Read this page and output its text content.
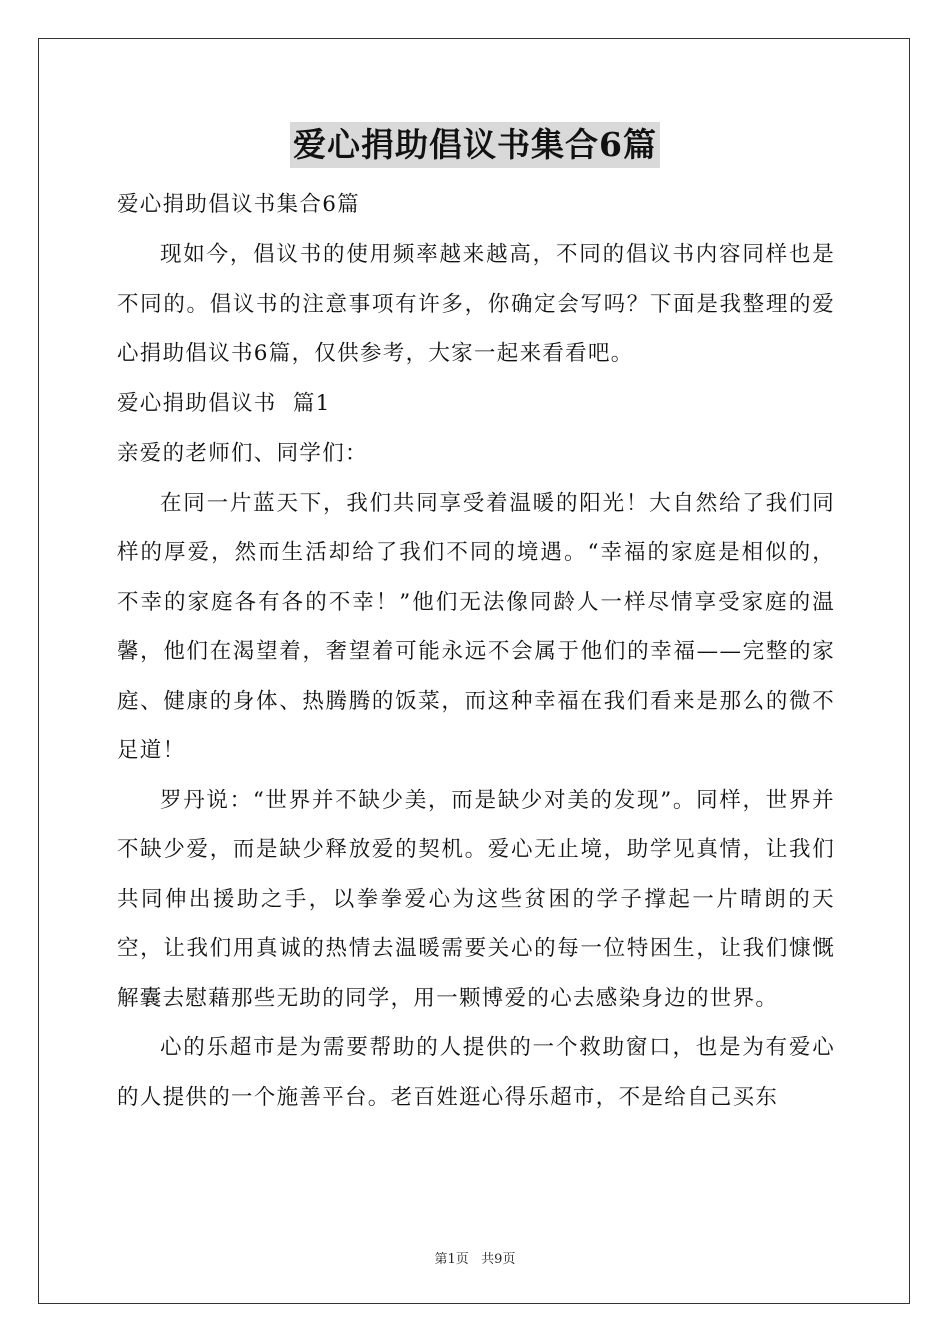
爱心捐助倡议书集合6篇
爱心捐助倡议书集合6篇

现如今，倡议书的使用频率越来越高，不同的倡议书内容同样也是不同的。倡议书的注意事项有许多，你确定会写吗？下面是我整理的爱心捐助倡议书6篇，仅供参考，大家一起来看看吧。

爱心捐助倡议书  篇1
亲爱的老师们、同学们：

在同一片蓝天下，我们共同享受着温暖的阳光！大自然给了我们同样的厚爱，然而生活却给了我们不同的境遇。“幸福的家庭是相似的，不幸的家庭各有各的不幸！”他们无法像同龄人一样尽情享受家庭的温馨，他们在渴望着，奢望着可能永远不会属于他们的幸福——完整的家庭、健康的身体、热腾腾的饭菜，而这种幸福在我们看来是那么的微不足道！

罗丹说：“世界并不缺少美，而是缺少对美的发现”。同样，世界并不缺少爱，而是缺少释放爱的契机。爱心无止境，助学见真情，让我们共同伸出援助之手，以拳拳爱心为这些贫困的学子撑起一片晴朗的天空，让我们用真诚的热情去温暖需要关心的每一位特困生，让我们慷慨解囊去慰藉那些无助的同学，用一颗博爱的心去感染身边的世界。

心的乐超市是为需要帮助的人提供的一个救助窗口，也是为有爱心的人提供的一个施善平台。老百姓逛心得乐超市，不是给自己买东

第1页   共9页
